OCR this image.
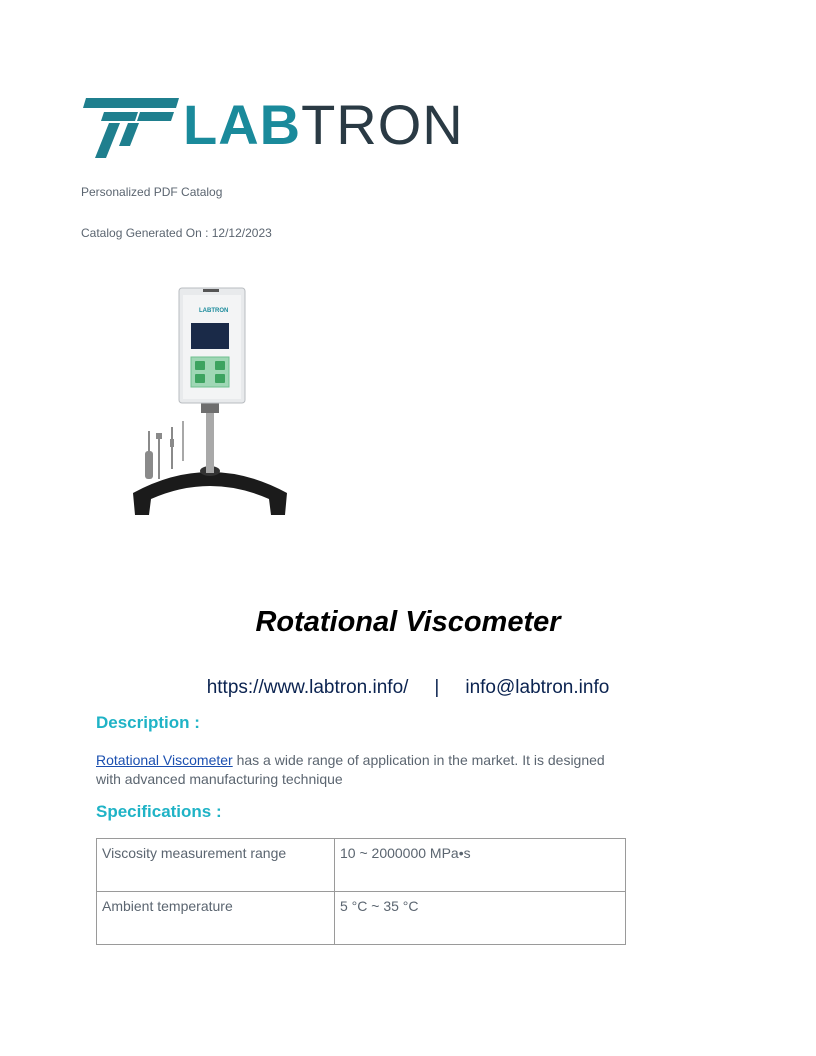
LABTRON
Personalized PDF Catalog
Catalog Generated On : 12/12/2023
LABTRON
Rotational Viscometer
https://www.labtron.info/ | info@labtron.info
Description :
Rotational Viscometer has a wide range of application in the market. It is designed with advanced manufacturing technique
Specifications :
Viscosity measurement range	10 ~ 2000000 MPa•s
Ambient temperature	5 °C ~ 35 °C
